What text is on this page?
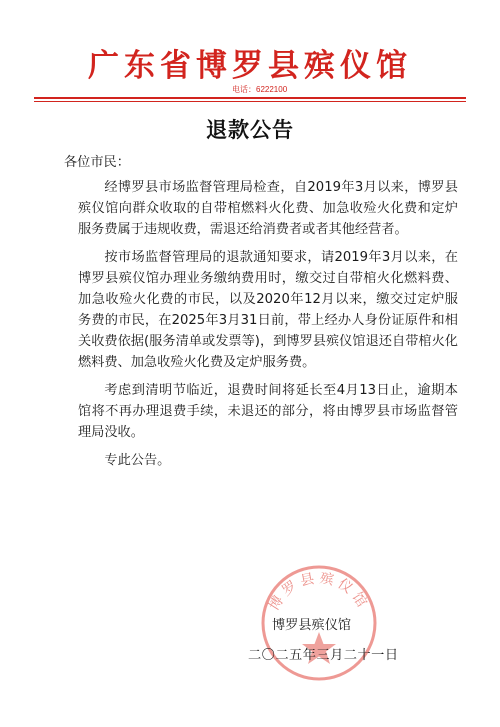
广东省博罗县殡仪馆
电话：6222100
退款公告
各位市民：

经博罗县市场监督管理局检查，自2019年3月以来，博罗县殡仪馆向群众收取的自带棺燃料火化费、加急收殓火化费和定炉服务费属于违规收费，需退还给消费者或者其他经营者。

按市场监督管理局的退款通知要求，请2019年3月以来，在博罗县殡仪馆办理业务缴纳费用时，缴交过自带棺火化燃料费、加急收殓火化费的市民，以及2020年12月以来，缴交过定炉服务费的市民，在2025年3月31日前，带上经办人身份证原件和相关收费依据(服务清单或发票等)，到博罗县殡仪馆退还自带棺火化燃料费、加急收殓火化费及定炉服务费。

考虑到清明节临近，退费时间将延长至4月13日止，逾期本馆将不再办理退费手续，未退还的部分，将由博罗县市场监督管理局没收。

专此公告。

博罗县殡仪馆
博罗县殡仪馆
二〇二五年三月二十一日
